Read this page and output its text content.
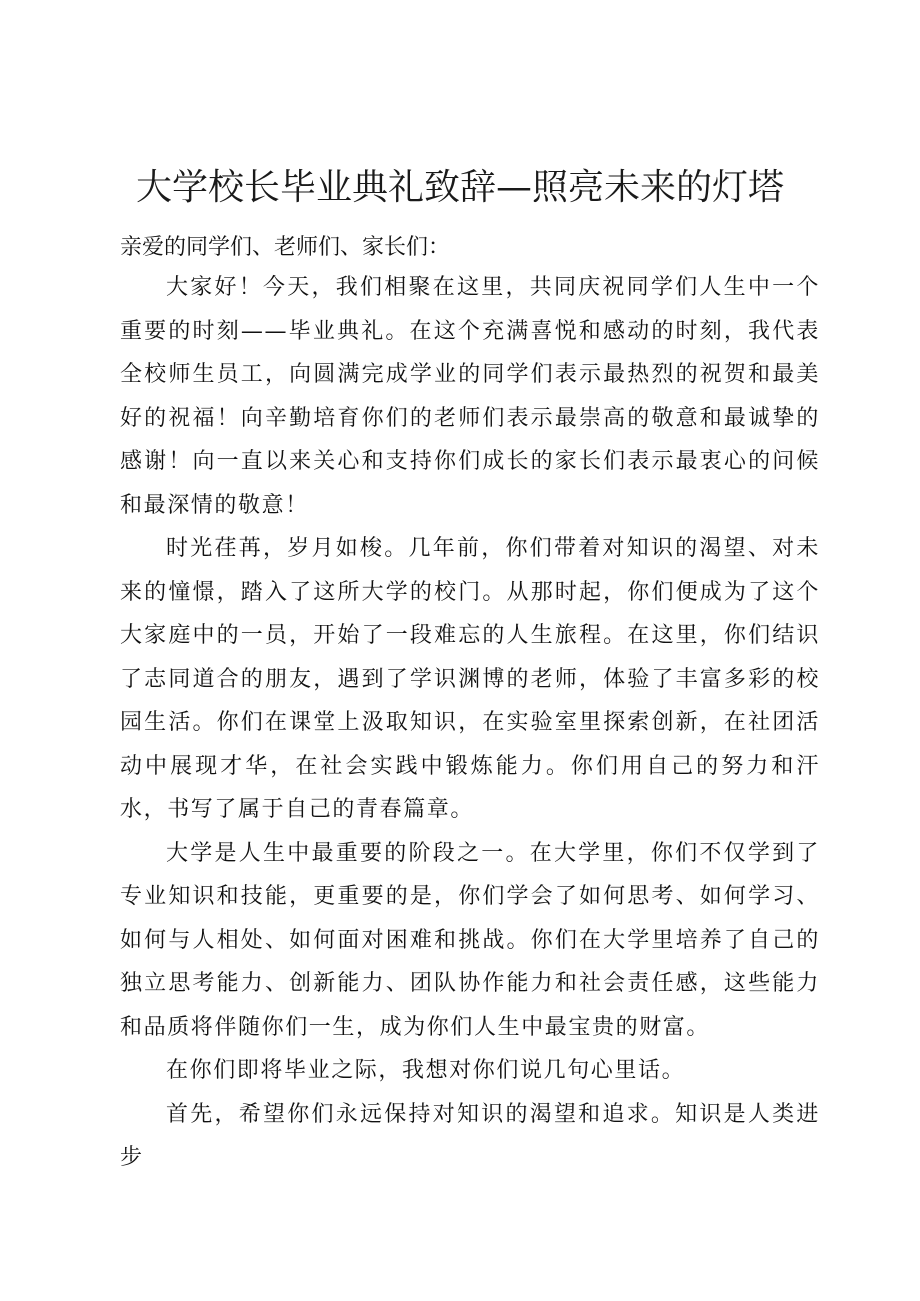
大学校长毕业典礼致辞—照亮未来的灯塔
亲爱的同学们、老师们、家长们：

大家好！今天，我们相聚在这里，共同庆祝同学们人生中一个重要的时刻——毕业典礼。在这个充满喜悦和感动的时刻，我代表全校师生员工，向圆满完成学业的同学们表示最热烈的祝贺和最美好的祝福！向辛勤培育你们的老师们表示最崇高的敬意和最诚挚的感谢！向一直以来关心和支持你们成长的家长们表示最衷心的问候和最深情的敬意！

时光荏苒，岁月如梭。几年前，你们带着对知识的渴望、对未来的憧憬，踏入了这所大学的校门。从那时起，你们便成为了这个大家庭中的一员，开始了一段难忘的人生旅程。在这里，你们结识了志同道合的朋友，遇到了学识渊博的老师，体验了丰富多彩的校园生活。你们在课堂上汲取知识，在实验室里探索创新，在社团活动中展现才华，在社会实践中锻炼能力。你们用自己的努力和汗水，书写了属于自己的青春篇章。

大学是人生中最重要的阶段之一。在大学里，你们不仅学到了专业知识和技能，更重要的是，你们学会了如何思考、如何学习、如何与人相处、如何面对困难和挑战。你们在大学里培养了自己的独立思考能力、创新能力、团队协作能力和社会责任感，这些能力和品质将伴随你们一生，成为你们人生中最宝贵的财富。

在你们即将毕业之际，我想对你们说几句心里话。

首先，希望你们永远保持对知识的渴望和追求。知识是人类进步
